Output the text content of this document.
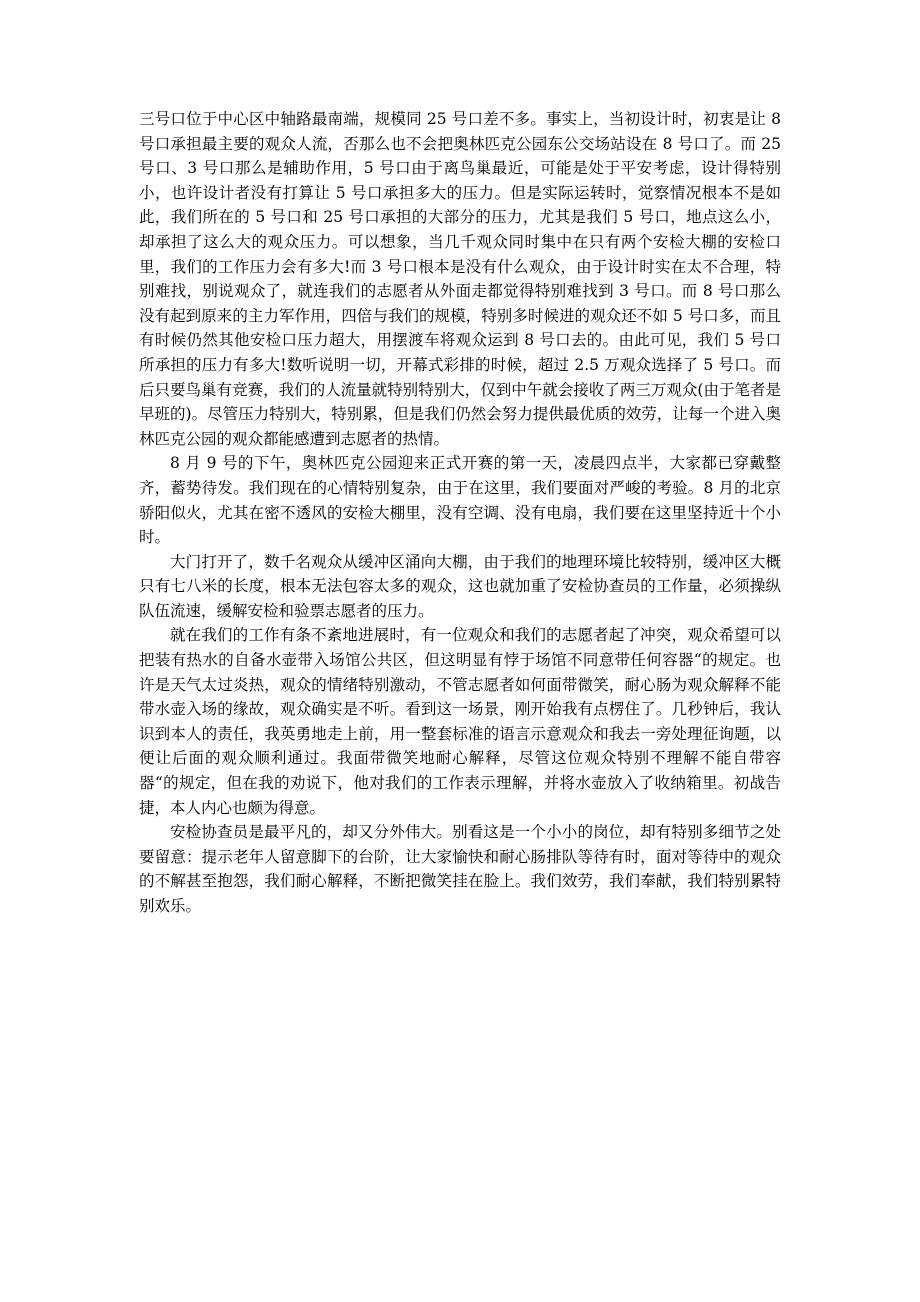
三号口位于中心区中轴路最南端，规模同 25 号口差不多。事实上，当初设计时，初衷是让 8 号口承担最主要的观众人流，否那么也不会把奥林匹克公园东公交场站设在 8 号口了。而 25 号口、3 号口那么是辅助作用，5 号口由于离鸟巢最近，可能是处于平安考虑，设计得特别小，也许设计者没有打算让 5 号口承担多大的压力。但是实际运转时，觉察情况根本不是如此，我们所在的 5 号口和 25 号口承担的大部分的压力，尤其是我们 5 号口，地点这么小，却承担了这么大的观众压力。可以想象，当几千观众同时集中在只有两个安检大棚的安检口里，我们的工作压力会有多大!而 3 号口根本是没有什么观众，由于设计时实在太不合理，特别难找，别说观众了，就连我们的志愿者从外面走都觉得特别难找到 3 号口。而 8 号口那么没有起到原来的主力军作用，四倍与我们的规模，特别多时候进的观众还不如 5 号口多，而且有时候仍然其他安检口压力超大，用摆渡车将观众运到 8 号口去的。由此可见，我们 5 号口所承担的压力有多大!数听说明一切，开幕式彩排的时候，超过 2.5 万观众选择了 5 号口。而后只要鸟巢有竞赛，我们的人流量就特别特别大，仅到中午就会接收了两三万观众(由于笔者是早班的)。尽管压力特别大，特别累，但是我们仍然会努力提供最优质的效劳，让每一个进入奥林匹克公园的观众都能感遭到志愿者的热情。

8 月 9 号的下午，奥林匹克公园迎来正式开赛的第一天，凌晨四点半，大家都已穿戴整齐，蓄势待发。我们现在的心情特别复杂，由于在这里，我们要面对严峻的考验。8 月的北京骄阳似火，尤其在密不透风的安检大棚里，没有空调、没有电扇，我们要在这里坚持近十个小时。

大门打开了，数千名观众从缓冲区涌向大棚，由于我们的地理环境比较特别，缓冲区大概只有七八米的长度，根本无法包容太多的观众，这也就加重了安检协查员的工作量，必须操纵队伍流速，缓解安检和验票志愿者的压力。

就在我们的工作有条不紊地进展时，有一位观众和我们的志愿者起了冲突，观众希望可以把装有热水的自备水壶带入场馆公共区，但这明显有悖于场馆不同意带任何容器“的规定。也许是天气太过炎热，观众的情绪特别激动，不管志愿者如何面带微笑，耐心肠为观众解释不能带水壶入场的缘故，观众确实是不听。看到这一场景，刚开始我有点楞住了。几秒钟后，我认识到本人的责任，我英勇地走上前，用一整套标准的语言示意观众和我去一旁处理征询题，以便让后面的观众顺利通过。我面带微笑地耐心解释，尽管这位观众特别不理解不能自带容器“的规定，但在我的劝说下，他对我们的工作表示理解，并将水壶放入了收纳箱里。初战告捷，本人内心也颇为得意。

安检协查员是最平凡的，却又分外伟大。别看这是一个小小的岗位，却有特别多细节之处要留意：提示老年人留意脚下的台阶，让大家愉快和耐心肠排队等待有时，面对等待中的观众的不解甚至抱怨，我们耐心解释，不断把微笑挂在脸上。我们效劳，我们奉献，我们特别累特别欢乐。
